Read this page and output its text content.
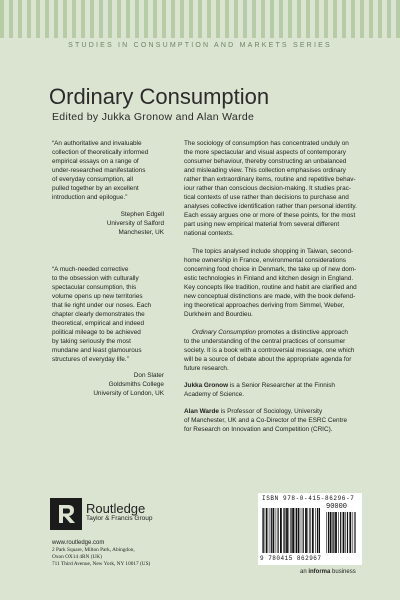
STUDIES IN CONSUMPTION AND MARKETS SERIES
Ordinary Consumption
Edited by Jukka Gronow and Alan Warde
“An authoritative and invaluable
collection of theoretically informed
empirical essays on a range of
under-researched manifestations
of everyday consumption, all
pulled together by an excellent
introduction and epilogue.”
Stephen Edgell
University of Salford
Manchester, UK
“A much-needed corrective
to the obsession with culturally
spectacular consumption, this
volume opens up new territories
that lie right under our noses. Each
chapter clearly demonstrates the
theoretical, empirical and indeed
political mileage to be achieved
by taking seriously the most
mundane and least glamourous
structures of everyday life.”
Don Slater
Goldsmiths College
University of London, UK
The sociology of consumption has concentrated unduly on
the more spectacular and visual aspects of contemporary
consumer behaviour, thereby constructing an unbalanced
and misleading view. This collection emphasises ordinary
rather than extraordinary items, routine and repetitive behav-
iour rather than conscious decision-making. It studies prac-
tical contexts of use rather than decisions to purchase and
analyses collective identification rather than personal identity.
Each essay argues one or more of these points, for the most
part using new empirical material from several different
national contexts.
The topics analysed include shopping in Taiwan, second-
home ownership in France, environmental considerations
concerning food choice in Denmark, the take up of new dom-
estic technologies in Finland and kitchen design in England.
Key concepts like tradition, routine and habit are clarified and
new conceptual distinctions are made, with the book defend-
ing theoretical approaches deriving from Simmel, Weber,
Durkheim and Bourdieu.
Ordinary Consumption promotes a distinctive approach
to the understanding of the central practices of consumer
society. It is a book with a controversial message, one which
will be a source of debate about the appropriate agenda for
future research.
Jukka Gronow is a Senior Researcher at the Finnish
Academy of Science.
Alan Warde is Professor of Sociology, University
of Manchester, UK and a Co-Director of the ESRC Centre
for Research on Innovation and Competition (CRIC).
Routledge
Taylor & Francis Group
www.routledge.com
2 Park Square, Milton Park, Abingdon,
Oxon OX14 4RN (UK)
711 Third Avenue, New York, NY 10017 (US)
ISBN 978-0-415-86296-7
90000
9 780415 862967
an informa business
